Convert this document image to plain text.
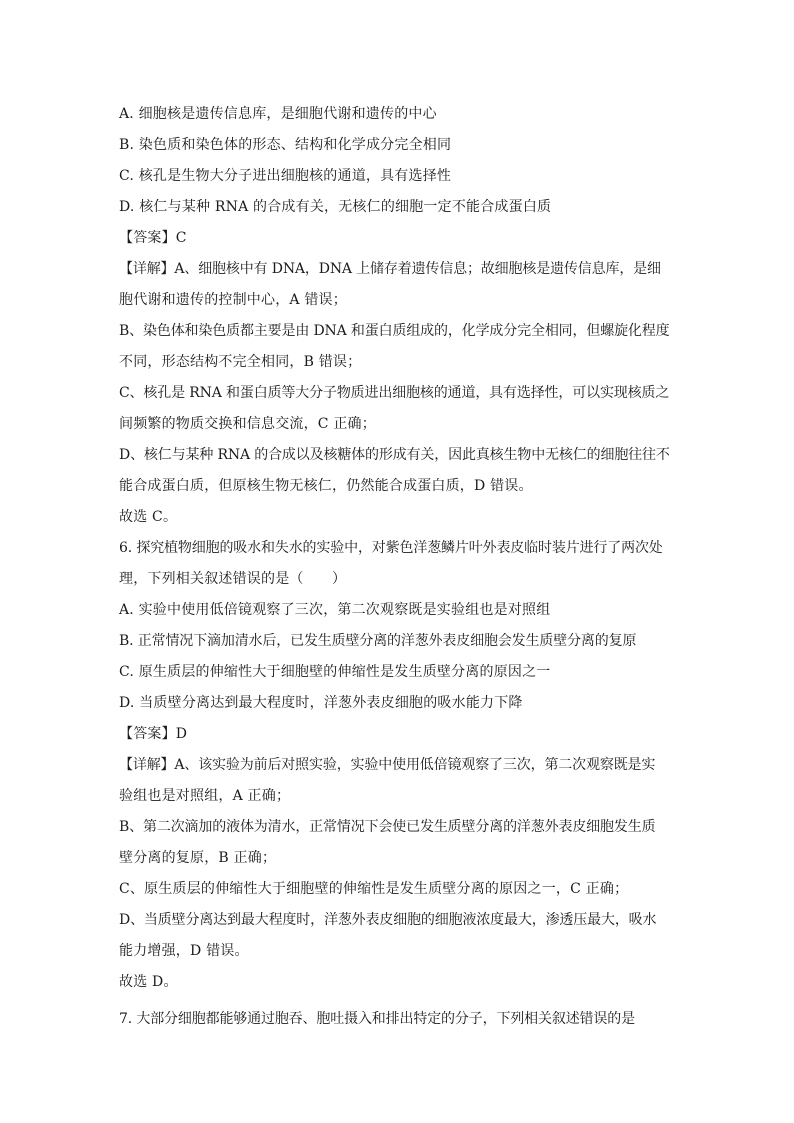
A. 细胞核是遗传信息库，是细胞代谢和遗传的中心
B. 染色质和染色体的形态、结构和化学成分完全相同
C. 核孔是生物大分子进出细胞核的通道，具有选择性
D. 核仁与某种 RNA 的合成有关，无核仁的细胞一定不能合成蛋白质
【答案】C
【详解】A、细胞核中有 DNA，DNA 上储存着遗传信息；故细胞核是遗传信息库，是细
胞代谢和遗传的控制中心，A 错误；
B、染色体和染色质都主要是由 DNA 和蛋白质组成的，化学成分完全相同，但螺旋化程度
不同，形态结构不完全相同，B 错误；
C、核孔是 RNA 和蛋白质等大分子物质进出细胞核的通道，具有选择性，可以实现核质之
间频繁的物质交换和信息交流，C 正确；
D、核仁与某种 RNA 的合成以及核糖体的形成有关，因此真核生物中无核仁的细胞往往不
能合成蛋白质，但原核生物无核仁，仍然能合成蛋白质，D 错误。
故选 C。
6. 探究植物细胞的吸水和失水的实验中，对紫色洋葱鳞片叶外表皮临时装片进行了两次处
理，下列相关叙述错误的是（　　）
A. 实验中使用低倍镜观察了三次，第二次观察既是实验组也是对照组
B. 正常情况下滴加清水后，已发生质壁分离的洋葱外表皮细胞会发生质壁分离的复原
C. 原生质层的伸缩性大于细胞壁的伸缩性是发生质壁分离的原因之一
D. 当质壁分离达到最大程度时，洋葱外表皮细胞的吸水能力下降
【答案】D
【详解】A、该实验为前后对照实验，实验中使用低倍镜观察了三次，第二次观察既是实
验组也是对照组，A 正确；
B、第二次滴加的液体为清水，正常情况下会使已发生质壁分离的洋葱外表皮细胞发生质
壁分离的复原，B 正确；
C、原生质层的伸缩性大于细胞壁的伸缩性是发生质壁分离的原因之一，C 正确；
D、当质壁分离达到最大程度时，洋葱外表皮细胞的细胞液浓度最大，渗透压最大，吸水
能力增强，D 错误。
故选 D。
7. 大部分细胞都能够通过胞吞、胞吐摄入和排出特定的分子，下列相关叙述错误的是
